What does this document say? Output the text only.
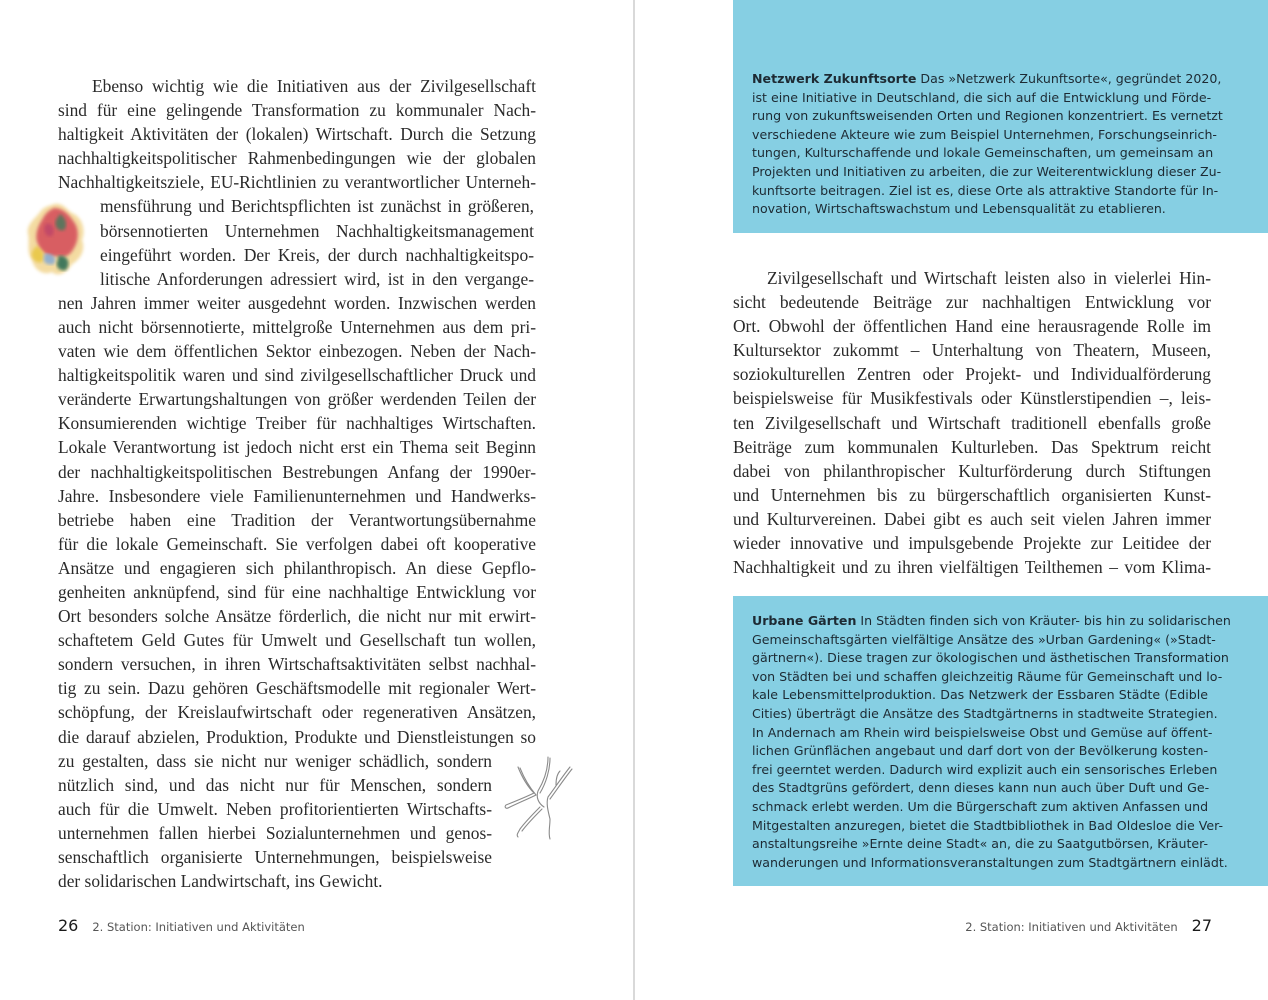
Ebenso wichtig wie die Initiativen aus der Zivilgesellschaft
sind für eine gelingende Transformation zu kommunaler Nach-
haltigkeit Aktivitäten der (lokalen) Wirtschaft. Durch die Setzung
nachhaltigkeitspolitischer Rahmenbedingungen wie der globalen
Nachhaltigkeitsziele, EU-Richtlinien zu verantwortlicher Unterneh-
mensführung und Berichtspflichten ist zunächst in größeren,
börsennotierten Unternehmen Nachhaltigkeitsmanagement
eingeführt worden. Der Kreis, der durch nachhaltigkeitspo-
litische Anforderungen adressiert wird, ist in den vergange-
nen Jahren immer weiter ausgedehnt worden. Inzwischen werden
auch nicht börsennotierte, mittelgroße Unternehmen aus dem pri-
vaten wie dem öffentlichen Sektor einbezogen. Neben der Nach-
haltigkeitspolitik waren und sind zivilgesellschaftlicher Druck und
veränderte Erwartungshaltungen von größer werdenden Teilen der
Konsumierenden wichtige Treiber für nachhaltiges Wirtschaften.
Lokale Verantwortung ist jedoch nicht erst ein Thema seit Beginn
der nachhaltigkeitspolitischen Bestrebungen Anfang der 1990er-
Jahre. Insbesondere viele Familienunternehmen und Handwerks-
betriebe haben eine Tradition der Verantwortungsübernahme
für die lokale Gemeinschaft. Sie verfolgen dabei oft kooperative
Ansätze und engagieren sich philanthropisch. An diese Gepflo-
genheiten anknüpfend, sind für eine nachhaltige Entwicklung vor
Ort besonders solche Ansätze förderlich, die nicht nur mit erwirt-
schaftetem Geld Gutes für Umwelt und Gesellschaft tun wollen,
sondern versuchen, in ihren Wirtschaftsaktivitäten selbst nachhal-
tig zu sein. Dazu gehören Geschäftsmodelle mit regionaler Wert-
schöpfung, der Kreislaufwirtschaft oder regenerativen Ansätzen,
die darauf abzielen, Produktion, Produkte und Dienstleistungen so
zu gestalten, dass sie nicht nur weniger schädlich, sondern
nützlich sind, und das nicht nur für Menschen, sondern
auch für die Umwelt. Neben profitorientierten Wirtschafts-
unternehmen fallen hierbei Sozialunternehmen und genos-
senschaftlich organisierte Unternehmungen, beispielsweise
der solidarischen Landwirtschaft, ins Gewicht.
26 2. Station: Initiativen und Aktivitäten
Netzwerk Zukunftsorte Das »Netzwerk Zukunftsorte«, gegründet 2020,
ist eine Initiative in Deutschland, die sich auf die Entwicklung und Förde-
rung von zukunftsweisenden Orten und Regionen konzentriert. Es vernetzt
verschiedene Akteure wie zum Beispiel Unternehmen, Forschungseinrich-
tungen, Kulturschaffende und lokale Gemeinschaften, um gemeinsam an
Projekten und Initiativen zu arbeiten, die zur Weiterentwicklung dieser Zu-
kunftsorte beitragen. Ziel ist es, diese Orte als attraktive Standorte für In-
novation, Wirtschaftswachstum und Lebensqualität zu etablieren.
Zivilgesellschaft und Wirtschaft leisten also in vielerlei Hin-
sicht bedeutende Beiträge zur nachhaltigen Entwicklung vor
Ort. Obwohl der öffentlichen Hand eine herausragende Rolle im
Kultursektor zukommt – Unterhaltung von Theatern, Museen,
soziokulturellen Zentren oder Projekt- und Individualförderung
beispielsweise für Musikfestivals oder Künstlerstipendien –, leis-
ten Zivilgesellschaft und Wirtschaft traditionell ebenfalls große
Beiträge zum kommunalen Kulturleben. Das Spektrum reicht
dabei von philanthropischer Kulturförderung durch Stiftungen
und Unternehmen bis zu bürgerschaftlich organisierten Kunst-
und Kulturvereinen. Dabei gibt es auch seit vielen Jahren immer
wieder innovative und impulsgebende Projekte zur Leitidee der
Nachhaltigkeit und zu ihren vielfältigen Teilthemen – vom Klima-
Urbane Gärten In Städten finden sich von Kräuter- bis hin zu solidarischen
Gemeinschaftsgärten vielfältige Ansätze des »Urban Gardening« (»Stadt-
gärtnern«). Diese tragen zur ökologischen und ästhetischen Transformation
von Städten bei und schaffen gleichzeitig Räume für Gemeinschaft und lo-
kale Lebensmittelproduktion. Das Netzwerk der Essbaren Städte (Edible
Cities) überträgt die Ansätze des Stadtgärtnerns in stadtweite Strategien.
In Andernach am Rhein wird beispielsweise Obst und Gemüse auf öffent-
lichen Grünflächen angebaut und darf dort von der Bevölkerung kosten-
frei geerntet werden. Dadurch wird explizit auch ein sensorisches Erleben
des Stadtgrüns gefördert, denn dieses kann nun auch über Duft und Ge-
schmack erlebt werden. Um die Bürgerschaft zum aktiven Anfassen und
Mitgestalten anzuregen, bietet die Stadtbibliothek in Bad Oldesloe die Ver-
anstaltungsreihe »Ernte deine Stadt« an, die zu Saatgutbörsen, Kräuter-
wanderungen und Informationsveranstaltungen zum Stadtgärtnern einlädt.
2. Station: Initiativen und Aktivitäten 27
